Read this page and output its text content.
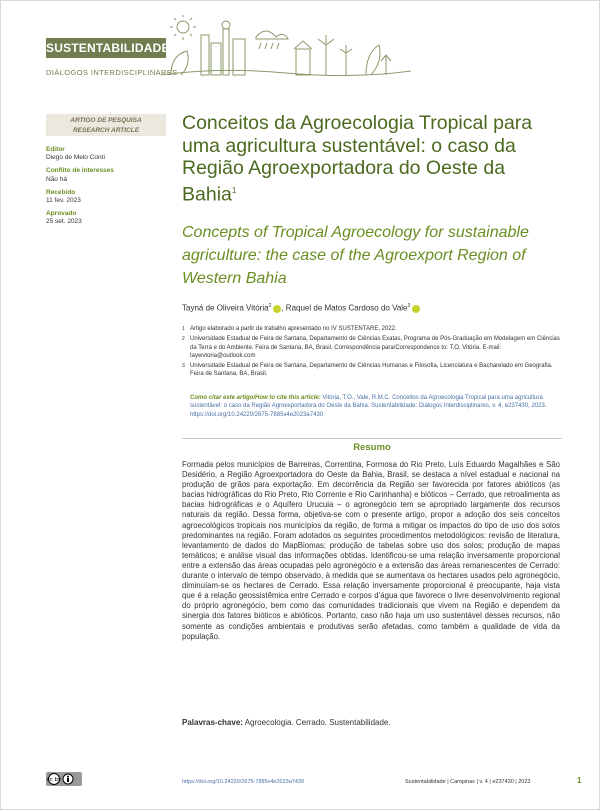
SUSTENTABILIDADE
DIÁLOGOS INTERDISCIPLINARES
ARTIGO DE PESQUISA
RESEARCH ARTICLE
Editor
Diego de Melo Conti
Conflito de interesses
Não há
Recebido
11 fev. 2023
Aprovado
25 set. 2023
Conceitos da Agroecologia Tropical para uma agricultura sustentável: o caso da Região Agroexportadora do Oeste da Bahia$^1$
Concepts of Tropical Agroecology for sustainable agriculture: the case of the Agroexport Region of Western Bahia
Tayná de Oliveira Vitória$^2$ , Raquel de Matos Cardoso do Vale$^3$
1 Artigo elaborado a partir de trabalho apresentado no IV SUSTENTARE, 2022.
2 Universidade Estadual de Feira de Santana, Departamento de Ciências Exatas, Programa de Pós-Graduação em Modelagem em Ciências da Terra e do Ambiente. Feira de Santana, BA, Brasil. Correspondência para/Correspondence to: T.O. Vitória. E-mail: taywvtoria@outlook.com
3 Universidade Estadual de Feira de Santana, Departamento de Ciências Humanas e Filosofia, Licenciatura e Bacharelado em Geografia. Feira de Santana, BA, Brasil.
Como citar este artigo/How to cite this article: Vitória, T.O.; Vale, R.M.C. Conceitos da Agroecologia Tropical para uma agricultura sustentável: o caso da Região Agroexportadora do Oeste da Bahia. Sustentabilidade: Diálogos Interdisciplinares, v. 4, e237430, 2023. https://doi.org/10.24220/2675-7885v4e2023a7430
Resumo
Formada pelos municípios de Barreiras, Correntina, Formosa do Rio Preto, Luís Eduardo Magalhães e São Desidério, a Região Agroexportadora do Oeste da Bahia, Brasil, se destaca a nível estadual e nacional na produção de grãos para exportação. Em decorrência da Região ser favorecida por fatores abióticos (as bacias hidrográficas do Rio Preto, Rio Corrente e Rio Carinhanha) e bióticos – Cerrado, que retroalimenta as bacias hidrográficas e o Aquífero Urucuia – o agronegócio tem se apropriado largamente dos recursos naturais da região. Dessa forma, objetiva-se com o presente artigo, propor a adoção dos seis conceitos agroecológicos tropicais nos municípios da região, de forma a mitigar os impactos do tipo de uso dos solos predominantes na região. Foram adotados os seguintes procedimentos metodológicos: revisão de literatura, levantamento de dados do MapBiomas; produção de tabelas sobre uso dos solos; produção de mapas temáticos; e análise visual das informações obtidas. Identificou-se uma relação inversamente proporcional entre a extensão das áreas ocupadas pelo agronegócio e a extensão das áreas remanescentes de Cerrado: durante o intervalo de tempo observado, à medida que se aumentava os hectares usados pelo agronegócio, diminuíam-se os hectares de Cerrado. Essa relação inversamente proporcional é preocupante, haja vista que é a relação geossistêmica entre Cerrado e corpos d’água que favorece o livre desenvolvimento regional do próprio agronegócio, bem como das comunidades tradicionais que vivem na Região e dependem da sinergia dos fatores bióticos e abióticos. Portanto, caso não haja um uso sustentável desses recursos, não somente as condições ambientais e produtivas serão afetadas, como também a qualidade de vida da população.
Palavras-chave: Agroecologia. Cerrado. Sustentabilidade.
cc by	https://doi.org/10.24220/2675-7885v4e2023a7430	Sustentabilidade | Campinas | v. 4 | e237430 | 2023	1
